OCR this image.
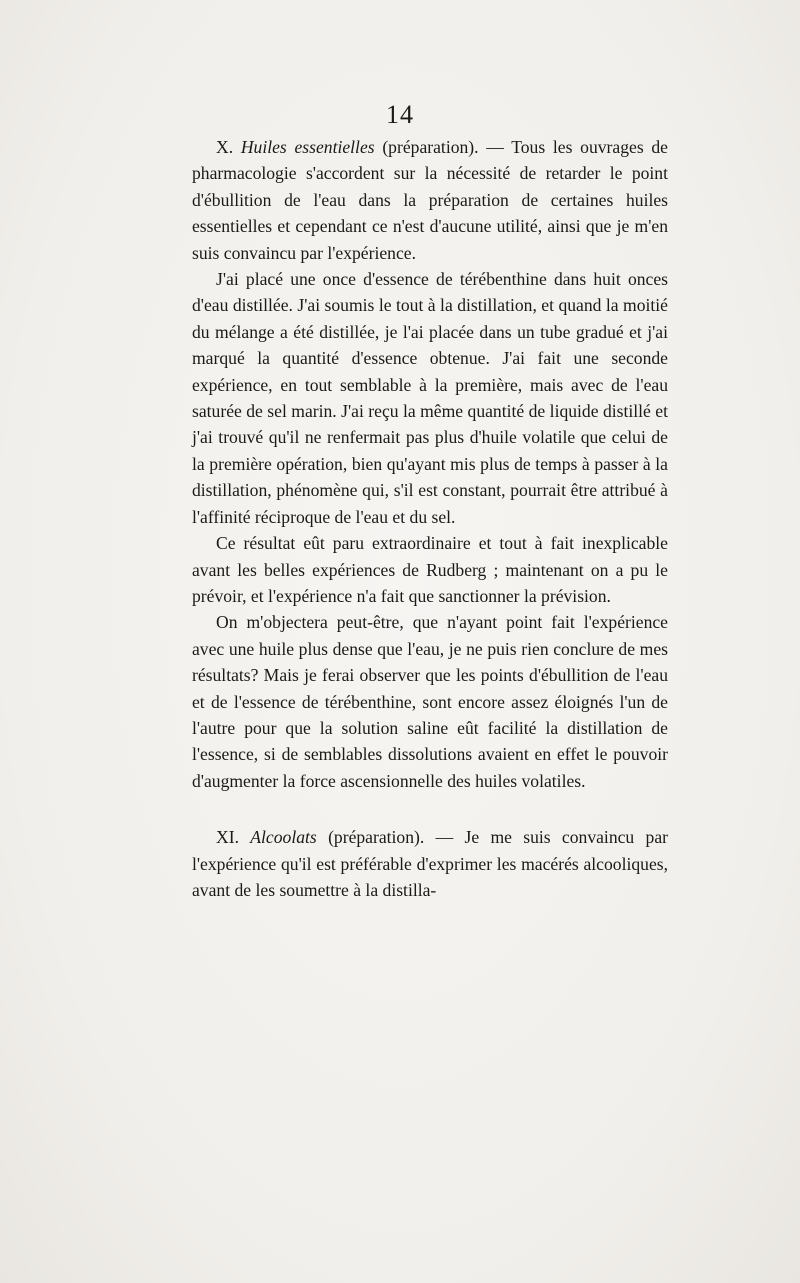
14

X. Huiles essentielles (préparation). — Tous les ouvrages de pharmacologie s'accordent sur la nécessité de retarder le point d'ébullition de l'eau dans la préparation de certaines huiles essentielles et cependant ce n'est d'aucune utilité, ainsi que je m'en suis convaincu par l'expérience.

J'ai placé une once d'essence de térébenthine dans huit onces d'eau distillée. J'ai soumis le tout à la distillation, et quand la moitié du mélange a été distillée, je l'ai placée dans un tube gradué et j'ai marqué la quantité d'essence obtenue. J'ai fait une seconde expérience, en tout semblable à la première, mais avec de l'eau saturée de sel marin. J'ai reçu la même quantité de liquide distillé et j'ai trouvé qu'il ne renfermait pas plus d'huile volatile que celui de la première opération, bien qu'ayant mis plus de temps à passer à la distillation, phénomène qui, s'il est constant, pourrait être attribué à l'affinité réciproque de l'eau et du sel.

Ce résultat eût paru extraordinaire et tout à fait inexplicable avant les belles expériences de Rudberg ; maintenant on a pu le prévoir, et l'expérience n'a fait que sanctionner la prévision.

On m'objectera peut-être, que n'ayant point fait l'expérience avec une huile plus dense que l'eau, je ne puis rien conclure de mes résultats? Mais je ferai observer que les points d'ébullition de l'eau et de l'essence de térébenthine, sont encore assez éloignés l'un de l'autre pour que la solution saline eût facilité la distillation de l'essence, si de semblables dissolutions avaient en effet le pouvoir d'augmenter la force ascensionnelle des huiles volatiles.

XI. Alcoolats (préparation). — Je me suis convaincu par l'expérience qu'il est préférable d'exprimer les macérés alcooliques, avant de les soumettre à la distilla-
